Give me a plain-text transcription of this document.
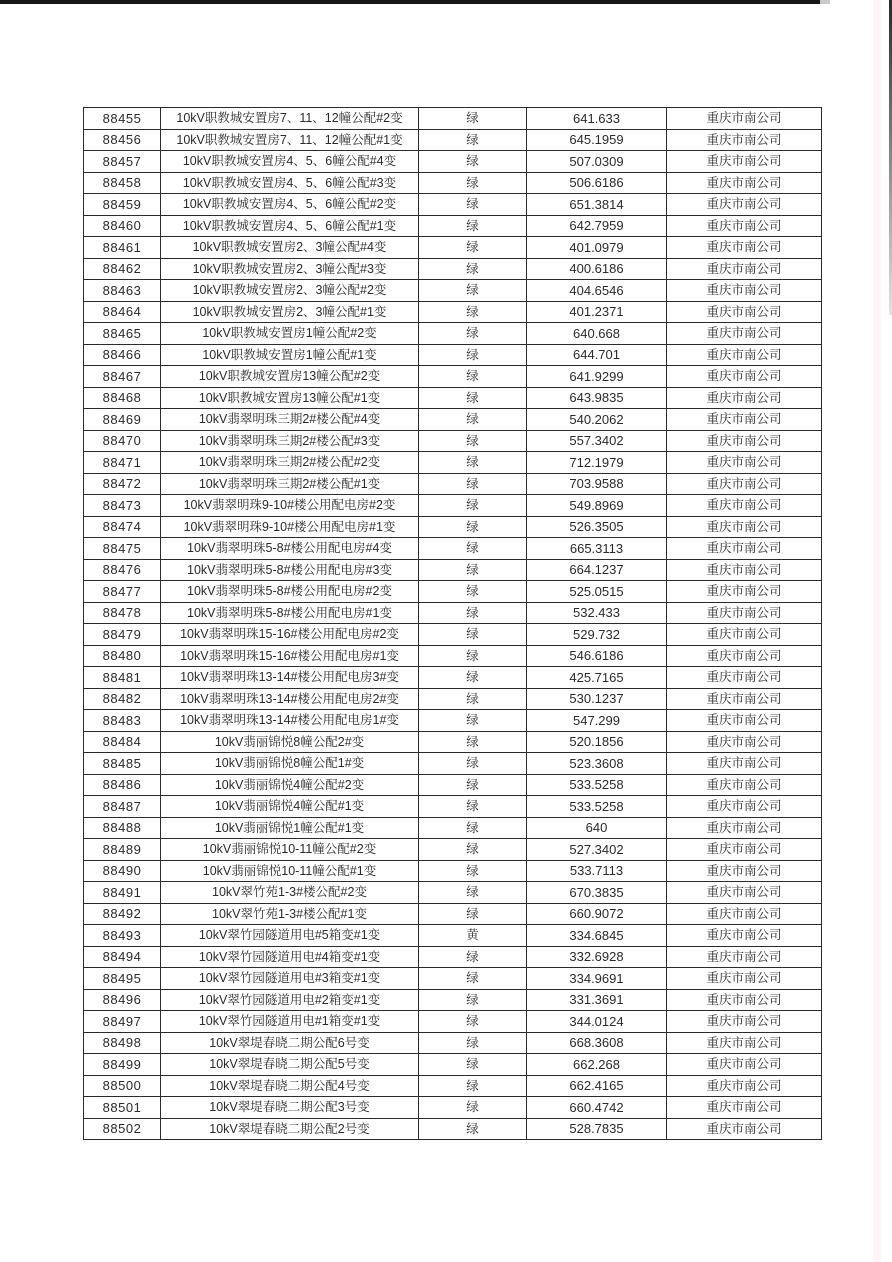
88455	10kV职教城安置房7、11、12幢公配#2变	绿	641.633	重庆市南公司
88456	10kV职教城安置房7、11、12幢公配#1变	绿	645.1959	重庆市南公司
88457	10kV职教城安置房4、5、6幢公配#4变	绿	507.0309	重庆市南公司
88458	10kV职教城安置房4、5、6幢公配#3变	绿	506.6186	重庆市南公司
88459	10kV职教城安置房4、5、6幢公配#2变	绿	651.3814	重庆市南公司
88460	10kV职教城安置房4、5、6幢公配#1变	绿	642.7959	重庆市南公司
88461	10kV职教城安置房2、3幢公配#4变	绿	401.0979	重庆市南公司
88462	10kV职教城安置房2、3幢公配#3变	绿	400.6186	重庆市南公司
88463	10kV职教城安置房2、3幢公配#2变	绿	404.6546	重庆市南公司
88464	10kV职教城安置房2、3幢公配#1变	绿	401.2371	重庆市南公司
88465	10kV职教城安置房1幢公配#2变	绿	640.668	重庆市南公司
88466	10kV职教城安置房1幢公配#1变	绿	644.701	重庆市南公司
88467	10kV职教城安置房13幢公配#2变	绿	641.9299	重庆市南公司
88468	10kV职教城安置房13幢公配#1变	绿	643.9835	重庆市南公司
88469	10kV翡翠明珠三期2#楼公配#4变	绿	540.2062	重庆市南公司
88470	10kV翡翠明珠三期2#楼公配#3变	绿	557.3402	重庆市南公司
88471	10kV翡翠明珠三期2#楼公配#2变	绿	712.1979	重庆市南公司
88472	10kV翡翠明珠三期2#楼公配#1变	绿	703.9588	重庆市南公司
88473	10kV翡翠明珠9-10#楼公用配电房#2变	绿	549.8969	重庆市南公司
88474	10kV翡翠明珠9-10#楼公用配电房#1变	绿	526.3505	重庆市南公司
88475	10kV翡翠明珠5-8#楼公用配电房#4变	绿	665.3113	重庆市南公司
88476	10kV翡翠明珠5-8#楼公用配电房#3变	绿	664.1237	重庆市南公司
88477	10kV翡翠明珠5-8#楼公用配电房#2变	绿	525.0515	重庆市南公司
88478	10kV翡翠明珠5-8#楼公用配电房#1变	绿	532.433	重庆市南公司
88479	10kV翡翠明珠15-16#楼公用配电房#2变	绿	529.732	重庆市南公司
88480	10kV翡翠明珠15-16#楼公用配电房#1变	绿	546.6186	重庆市南公司
88481	10kV翡翠明珠13-14#楼公用配电房3#变	绿	425.7165	重庆市南公司
88482	10kV翡翠明珠13-14#楼公用配电房2#变	绿	530.1237	重庆市南公司
88483	10kV翡翠明珠13-14#楼公用配电房1#变	绿	547.299	重庆市南公司
88484	10kV翡丽锦悦8幢公配2#变	绿	520.1856	重庆市南公司
88485	10kV翡丽锦悦8幢公配1#变	绿	523.3608	重庆市南公司
88486	10kV翡丽锦悦4幢公配#2变	绿	533.5258	重庆市南公司
88487	10kV翡丽锦悦4幢公配#1变	绿	533.5258	重庆市南公司
88488	10kV翡丽锦悦1幢公配#1变	绿	640	重庆市南公司
88489	10kV翡丽锦悦10-11幢公配#2变	绿	527.3402	重庆市南公司
88490	10kV翡丽锦悦10-11幢公配#1变	绿	533.7113	重庆市南公司
88491	10kV翠竹苑1-3#楼公配#2变	绿	670.3835	重庆市南公司
88492	10kV翠竹苑1-3#楼公配#1变	绿	660.9072	重庆市南公司
88493	10kV翠竹园隧道用电#5箱变#1变	黄	334.6845	重庆市南公司
88494	10kV翠竹园隧道用电#4箱变#1变	绿	332.6928	重庆市南公司
88495	10kV翠竹园隧道用电#3箱变#1变	绿	334.9691	重庆市南公司
88496	10kV翠竹园隧道用电#2箱变#1变	绿	331.3691	重庆市南公司
88497	10kV翠竹园隧道用电#1箱变#1变	绿	344.0124	重庆市南公司
88498	10kV翠堤春晓二期公配6号变	绿	668.3608	重庆市南公司
88499	10kV翠堤春晓二期公配5号变	绿	662.268	重庆市南公司
88500	10kV翠堤春晓二期公配4号变	绿	662.4165	重庆市南公司
88501	10kV翠堤春晓二期公配3号变	绿	660.4742	重庆市南公司
88502	10kV翠堤春晓二期公配2号变	绿	528.7835	重庆市南公司
